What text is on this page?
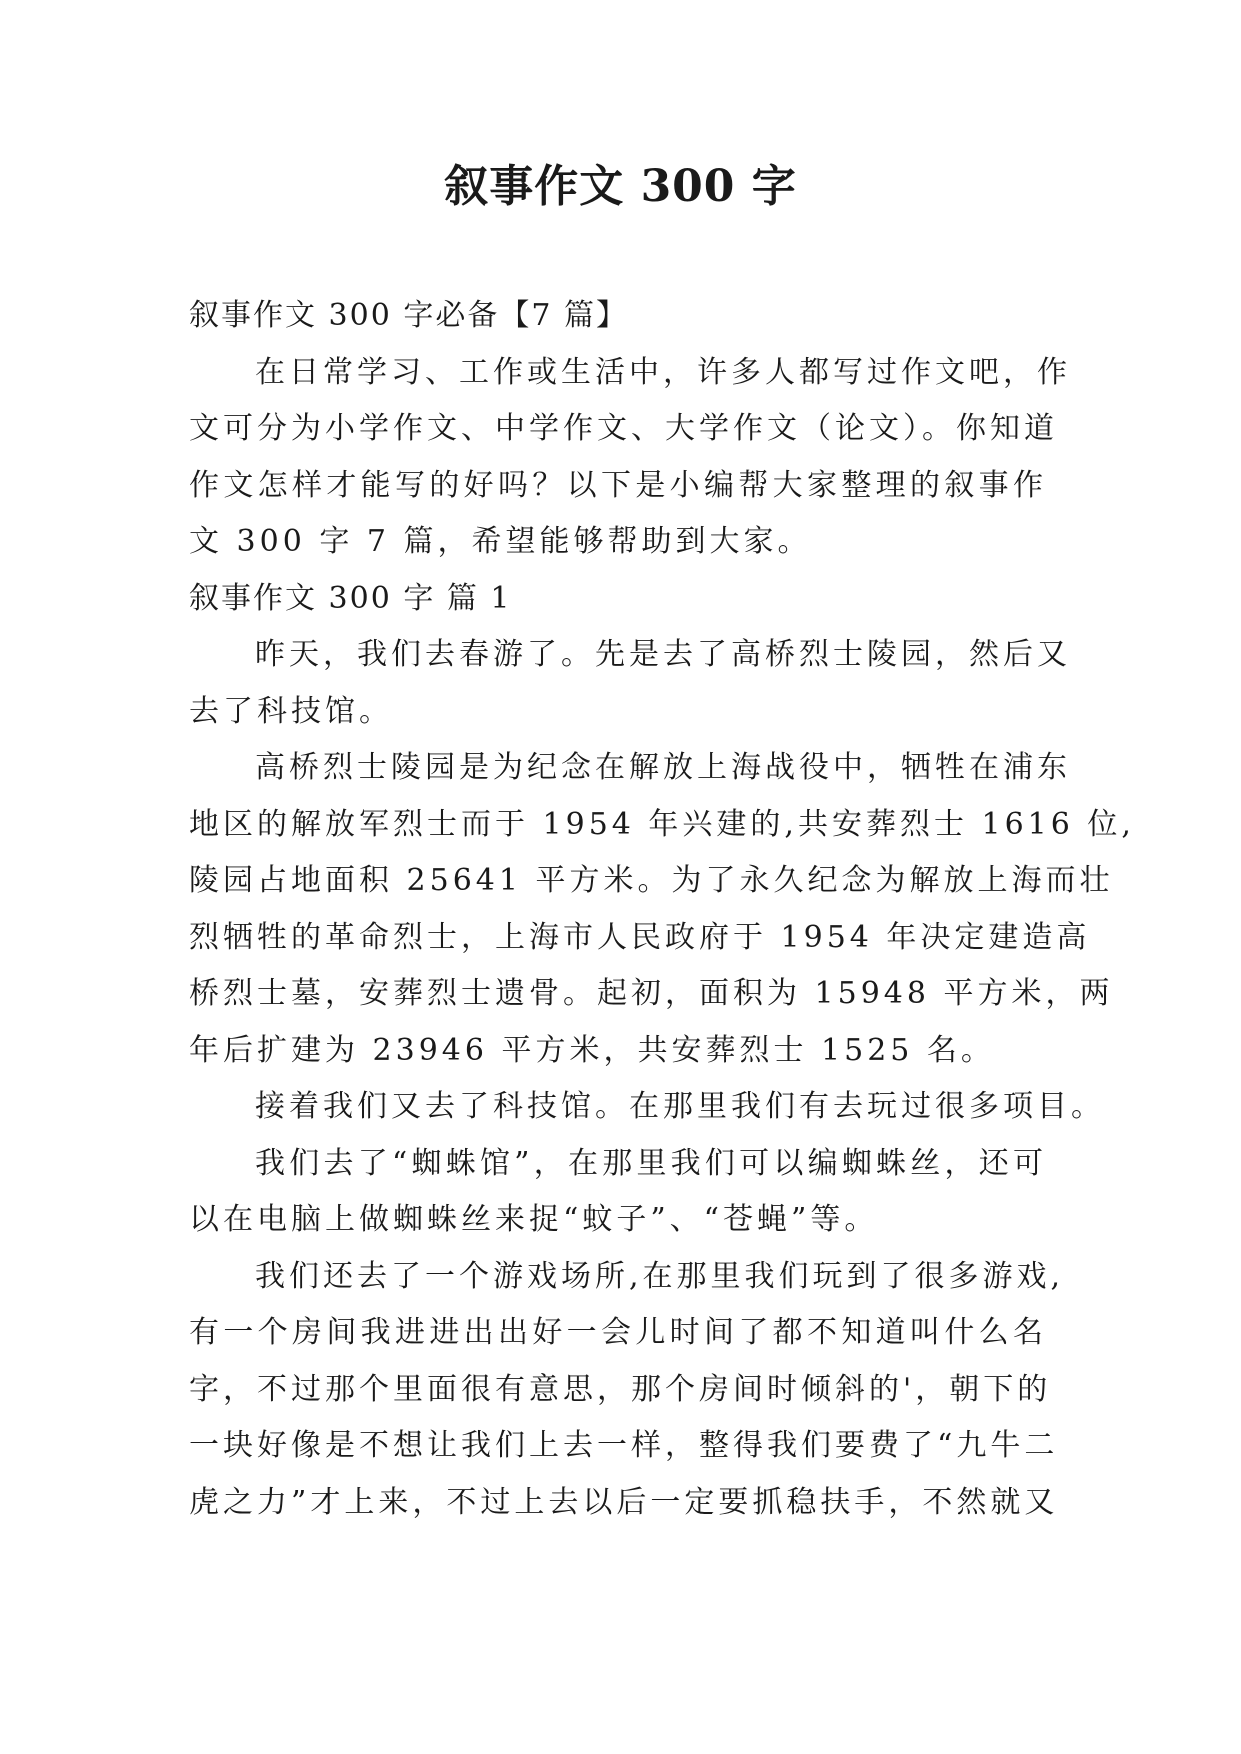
叙事作文 300 字
叙事作文 300 字必备【7 篇】
在日常学习、工作或生活中，许多人都写过作文吧，作
文可分为小学作文、中学作文、大学作文（论文）。你知道
作文怎样才能写的好吗？以下是小编帮大家整理的叙事作
文 300 字 7 篇，希望能够帮助到大家。
叙事作文 300 字 篇 1
昨天，我们去春游了。先是去了高桥烈士陵园，然后又
去了科技馆。
高桥烈士陵园是为纪念在解放上海战役中，牺牲在浦东
地区的解放军烈士而于 1954 年兴建的,共安葬烈士 1616 位,
陵园占地面积 25641 平方米。为了永久纪念为解放上海而壮
烈牺牲的革命烈士，上海市人民政府于 1954 年决定建造高
桥烈士墓，安葬烈士遗骨。起初，面积为 15948 平方米，两
年后扩建为 23946 平方米，共安葬烈士 1525 名。
接着我们又去了科技馆。在那里我们有去玩过很多项目。
我们去了“蜘蛛馆”，在那里我们可以编蜘蛛丝，还可
以在电脑上做蜘蛛丝来捉“蚊子”、“苍蝇”等。
我们还去了一个游戏场所,在那里我们玩到了很多游戏,
有一个房间我进进出出好一会儿时间了都不知道叫什么名
字，不过那个里面很有意思，那个房间时倾斜的'，朝下的
一块好像是不想让我们上去一样，整得我们要费了“九牛二
虎之力”才上来，不过上去以后一定要抓稳扶手，不然就又
